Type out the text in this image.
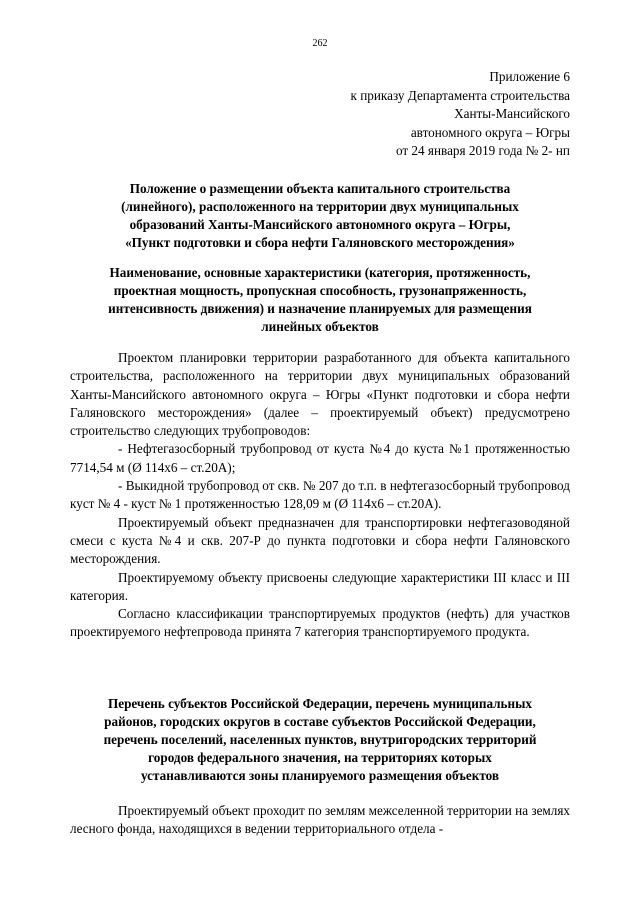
262
Приложение 6
к приказу Департамента строительства
Ханты-Мансийского
автономного округа – Югры
от 24 января 2019 года № 2- нп
Положение о размещении объекта капитального строительства
(линейного), расположенного на территории двух муниципальных
образований Ханты-Мансийского автономного округа – Югры,
«Пункт подготовки и сбора нефти Галяновского месторождения»
Наименование, основные характеристики (категория, протяженность,
проектная мощность, пропускная способность, грузонапряженность,
интенсивность движения) и назначение планируемых для размещения
линейных объектов

Проектом планировки территории разработанного для объекта капитального строительства, расположенного на территории двух муниципальных образований Ханты-Мансийского автономного округа – Югры «Пункт подготовки и сбора нефти Галяновского месторождения» (далее – проектируемый объект) предусмотрено строительство следующих трубопроводов:

- Нефтегазосборный трубопровод от куста №4 до куста №1 протяженностью 7714,54 м (Ø 114х6 – ст.20А);

- Выкидной трубопровод от скв. № 207 до т.п. в нефтегазосборный трубопровод куст № 4 - куст № 1 протяженностью 128,09 м (Ø 114х6 – ст.20А).

Проектируемый объект предназначен для транспортировки нефтегазоводяной смеси с куста №4 и скв. 207-Р до пункта подготовки и сбора нефти Галяновского месторождения.

Проектируемому объекту присвоены следующие характеристики III класс и III категория.

Согласно классификации транспортируемых продуктов (нефть) для участков проектируемого нефтепровода принята 7 категория транспортируемого продукта.

Перечень субъектов Российской Федерации, перечень муниципальных
районов, городских округов в составе субъектов Российской Федерации,
перечень поселений, населенных пунктов, внутригородских территорий
городов федерального значения, на территориях которых
устанавливаются зоны планируемого размещения объектов

Проектируемый объект проходит по землям межселенной территории на землях лесного фонда, находящихся в ведении территориального отдела -
